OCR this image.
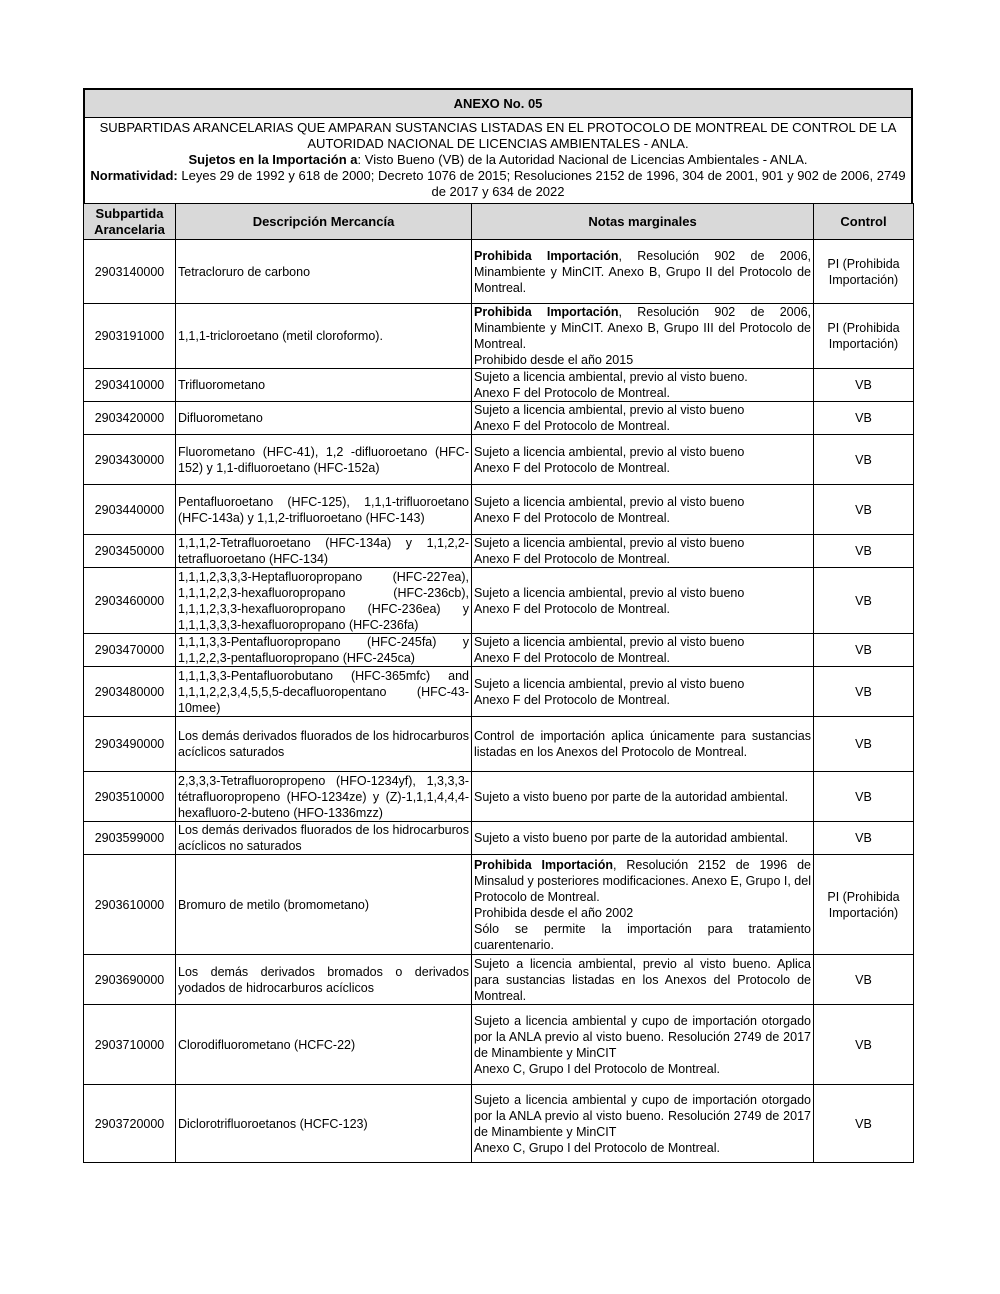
ANEXO No. 05
SUBPARTIDAS ARANCELARIAS QUE AMPARAN SUSTANCIAS LISTADAS EN EL PROTOCOLO DE MONTREAL DE CONTROL DE LA AUTORIDAD NACIONAL DE LICENCIAS AMBIENTALES - ANLA.
Sujetos en la Importación a: Visto Bueno (VB) de la Autoridad Nacional de Licencias Ambientales - ANLA.
Normatividad: Leyes 29 de 1992 y 618 de 2000; Decreto 1076 de 2015; Resoluciones 2152 de 1996, 304 de 2001, 901 y 902 de 2006, 2749 de 2017 y 634 de 2022
Subpartida Arancelaria	Descripción Mercancía	Notas marginales	Control
2903140000	Tetracloruro de carbono	Prohibida Importación, Resolución 902 de 2006, Minambiente y MinCIT. Anexo B, Grupo II del Protocolo de Montreal.	PI (Prohibida Importación)
2903191000	1,1,1-tricloroetano (metil cloroformo).	Prohibida Importación, Resolución 902 de 2006, Minambiente y MinCIT. Anexo B, Grupo III del Protocolo de Montreal.
Prohibido desde el año 2015	PI (Prohibida Importación)
2903410000	Trifluorometano	Sujeto a licencia ambiental, previo al visto bueno.
Anexo F del Protocolo de Montreal.	VB
2903420000	Difluorometano	Sujeto a licencia ambiental, previo al visto bueno
Anexo F del Protocolo de Montreal.	VB
2903430000	Fluorometano (HFC-41), 1,2 -difluoroetano (HFC-152) y 1,1-difluoroetano (HFC-152a)	Sujeto a licencia ambiental, previo al visto bueno
Anexo F del Protocolo de Montreal.	VB
2903440000	Pentafluoroetano (HFC-125), 1,1,1-trifluoroetano (HFC-143a) y 1,1,2-trifluoroetano (HFC-143)	Sujeto a licencia ambiental, previo al visto bueno
Anexo F del Protocolo de Montreal.	VB
2903450000	1,1,1,2-Tetrafluoroetano (HFC-134a) y 1,1,2,2-tetrafluoroetano (HFC-134)	Sujeto a licencia ambiental, previo al visto bueno
Anexo F del Protocolo de Montreal.	VB
2903460000	1,1,1,2,3,3,3-Heptafluoropropano (HFC-227ea), 1,1,1,2,2,3-hexafluoropropano (HFC-236cb), 1,1,1,2,3,3-hexafluoropropano (HFC-236ea) y 1,1,1,3,3,3-hexafluoropropano (HFC-236fa)	Sujeto a licencia ambiental, previo al visto bueno
Anexo F del Protocolo de Montreal.	VB
2903470000	1,1,1,3,3-Pentafluoropropano (HFC-245fa) y 1,1,2,2,3-pentafluoropropano (HFC-245ca)	Sujeto a licencia ambiental, previo al visto bueno
Anexo F del Protocolo de Montreal.	VB
2903480000	1,1,1,3,3-Pentafluorobutano (HFC-365mfc) and 1,1,1,2,2,3,4,5,5,5-decafluoropentano (HFC-43-10mee)	Sujeto a licencia ambiental, previo al visto bueno
Anexo F del Protocolo de Montreal.	VB
2903490000	Los demás derivados fluorados de los hidrocarburos acíclicos saturados	Control de importación aplica únicamente para sustancias listadas en los Anexos del Protocolo de Montreal.	VB
2903510000	2,3,3,3-Tetrafluoropropeno (HFO-1234yf), 1,3,3,3-tétrafluoropropeno (HFO-1234ze) y (Z)-1,1,1,4,4,4-hexafluoro-2-buteno (HFO-1336mzz)	Sujeto a visto bueno por parte de la autoridad ambiental.	VB
2903599000	Los demás derivados fluorados de los hidrocarburos acíclicos no saturados	Sujeto a visto bueno por parte de la autoridad ambiental.	VB
2903610000	Bromuro de metilo (bromometano)	Prohibida Importación, Resolución 2152 de 1996 de Minsalud y posteriores modificaciones. Anexo E, Grupo I, del Protocolo de Montreal.
Prohibida desde el año 2002
Sólo se permite la importación para tratamiento cuarentenario.	PI (Prohibida Importación)
2903690000	Los demás derivados bromados o derivados yodados de hidrocarburos acíclicos	Sujeto a licencia ambiental, previo al visto bueno. Aplica para sustancias listadas en los Anexos del Protocolo de Montreal.	VB
2903710000	Clorodifluorometano (HCFC-22)	Sujeto a licencia ambiental y cupo de importación otorgado por la ANLA previo al visto bueno. Resolución 2749 de 2017 de Minambiente y MinCIT
Anexo C, Grupo I del Protocolo de Montreal.	VB
2903720000	Diclorotrifluoroetanos (HCFC-123)	Sujeto a licencia ambiental y cupo de importación otorgado por la ANLA previo al visto bueno. Resolución 2749 de 2017 de Minambiente y MinCIT
Anexo C, Grupo I del Protocolo de Montreal.	VB
